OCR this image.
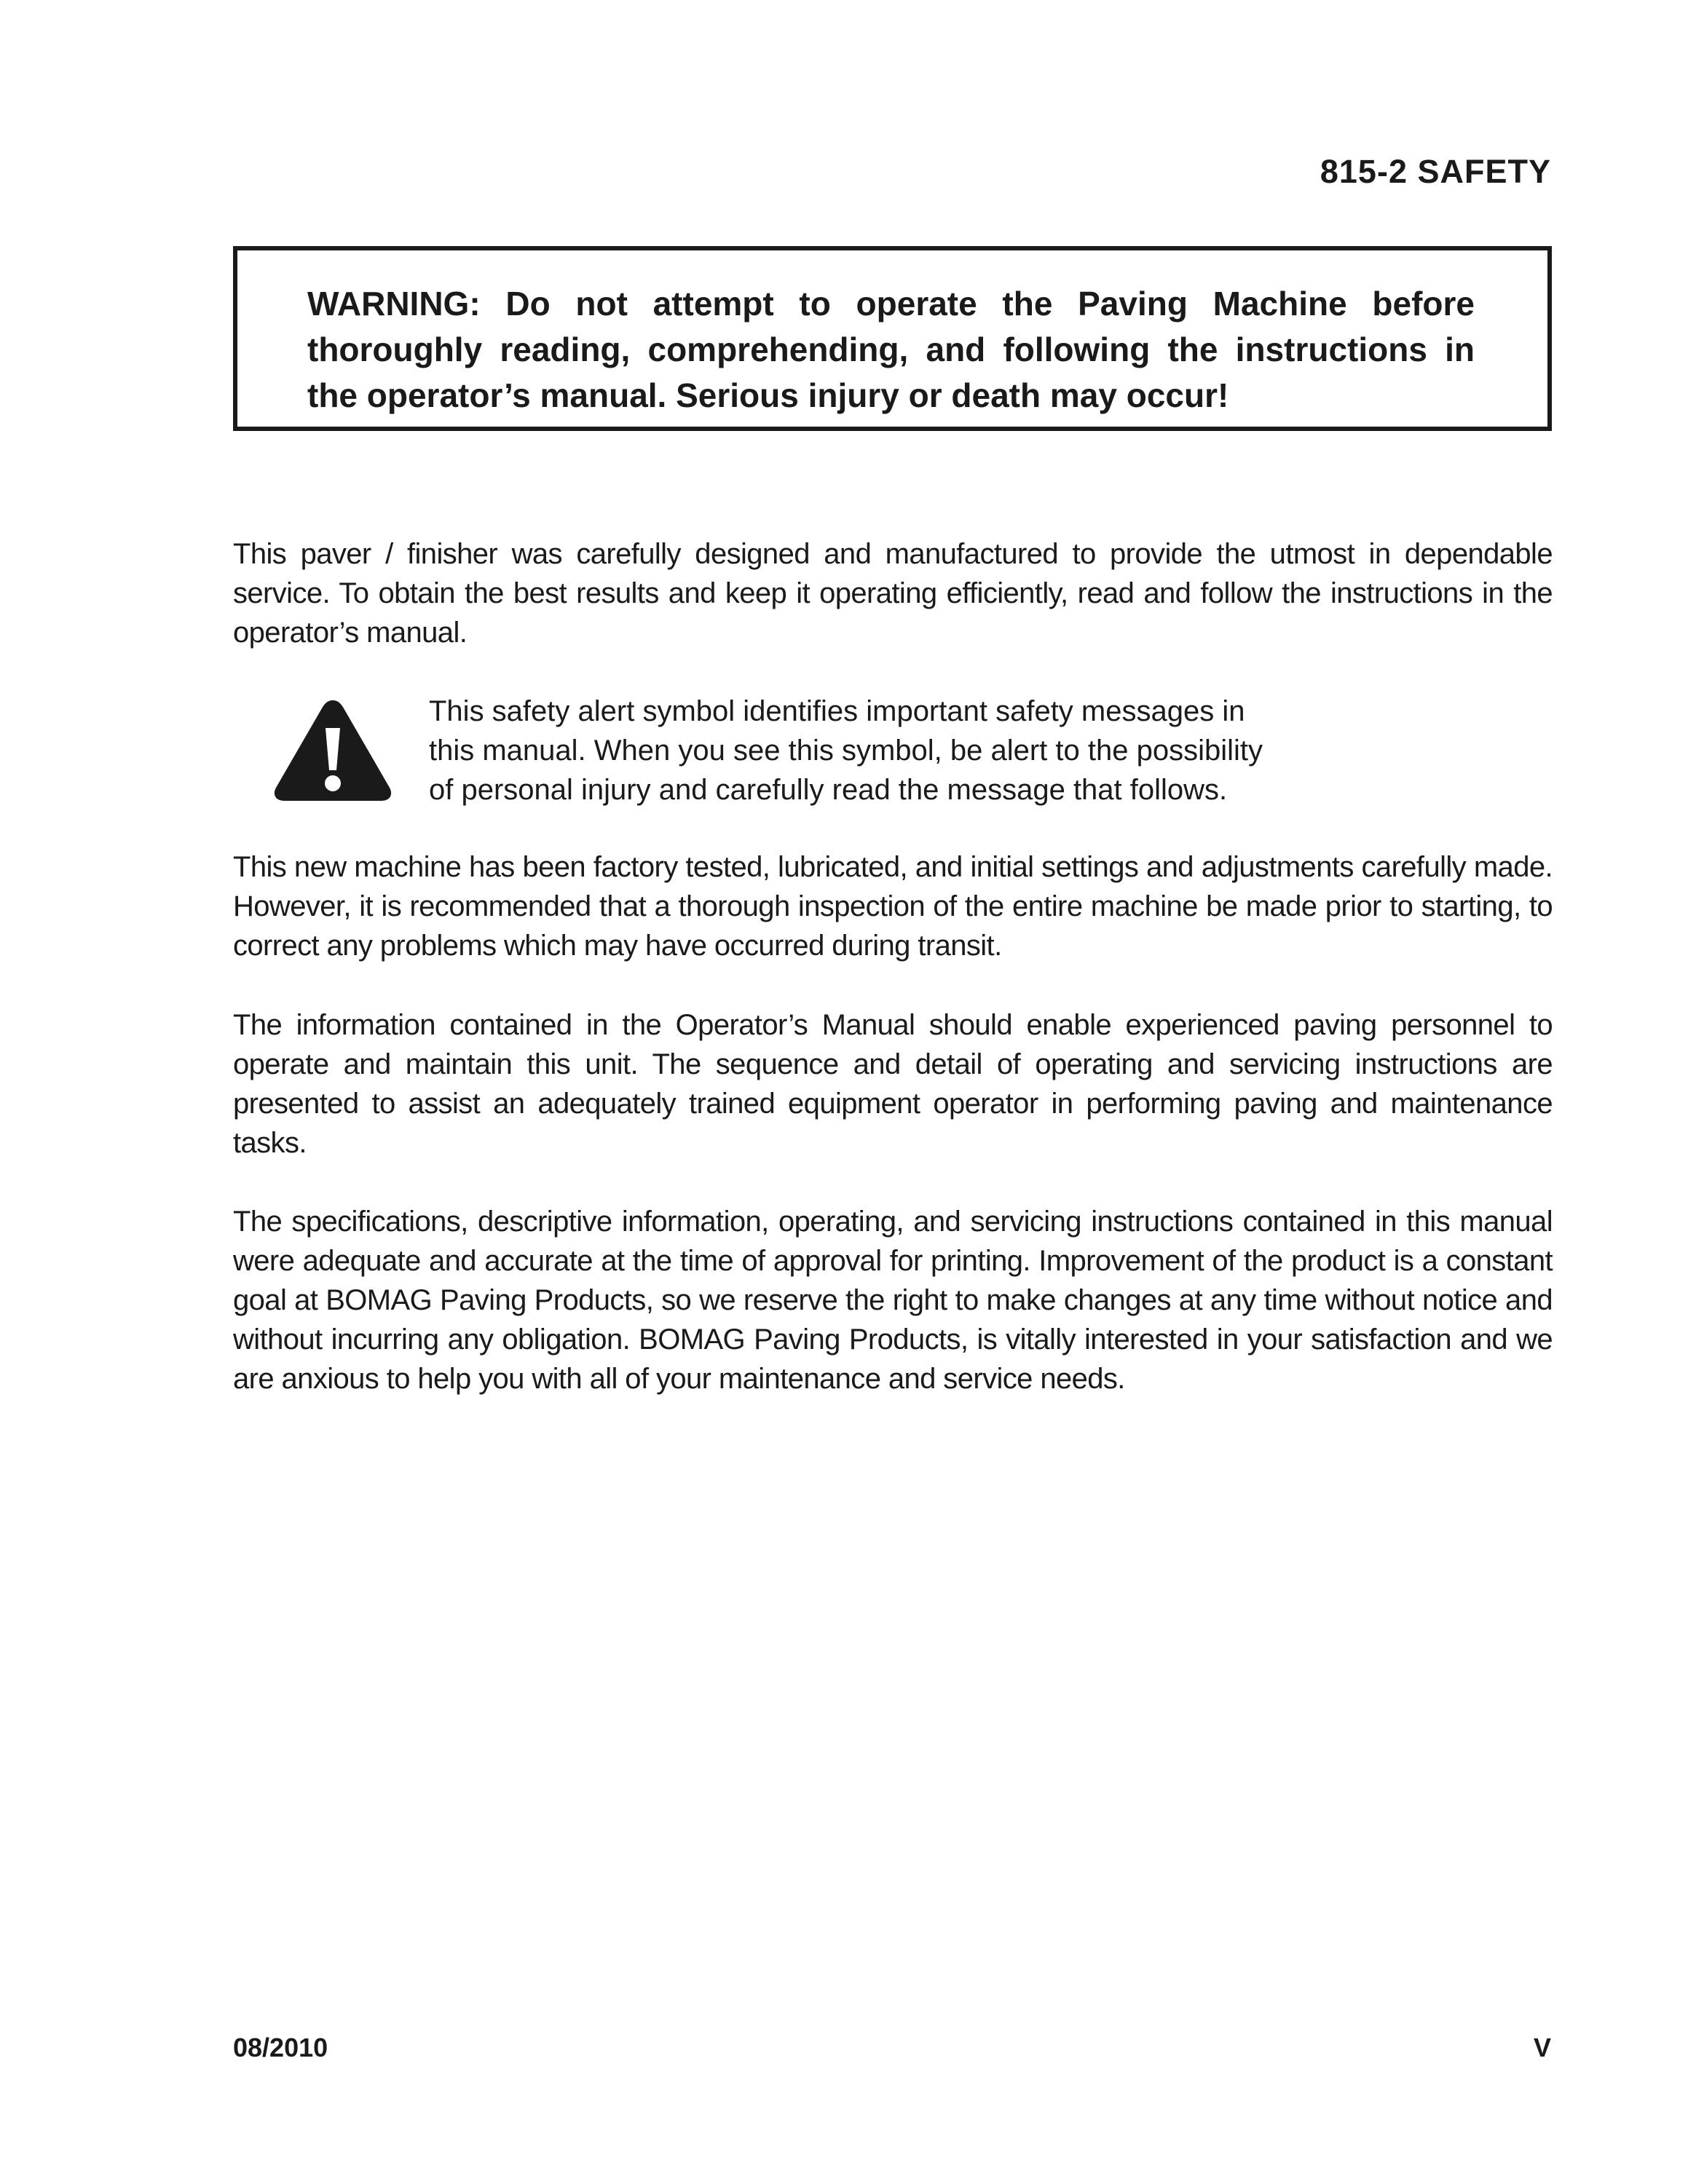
815-2 SAFETY

WARNING: Do not attempt to operate the Paving Machine before thoroughly reading, comprehending, and following the instructions in the operator’s manual. Serious injury or death may occur!

This paver / finisher was carefully designed and manufactured to provide the utmost in dependable service. To obtain the best results and keep it operating efficiently, read and follow the instructions in the operator’s manual.

This safety alert symbol identifies important safety messages in
this manual. When you see this symbol, be alert to the possibility
of personal injury and carefully read the message that follows.

This new machine has been factory tested, lubricated, and initial settings and adjustments carefully made. However, it is recommended that a thorough inspection of the entire machine be made prior to starting, to correct any problems which may have occurred during transit.

The information contained in the Operator’s Manual should enable experienced paving personnel to operate and maintain this unit. The sequence and detail of operating and servicing instructions are presented to assist an adequately trained equipment operator in performing paving and maintenance tasks.

The specifications, descriptive information, operating, and servicing instructions contained in this manual were adequate and accurate at the time of approval for printing. Improvement of the product is a constant goal at BOMAG Paving Products, so we reserve the right to make changes at any time without notice and without incurring any obligation. BOMAG Paving Products, is vitally interested in your satisfaction and we are anxious to help you with all of your maintenance and service needs.

08/2010	V
